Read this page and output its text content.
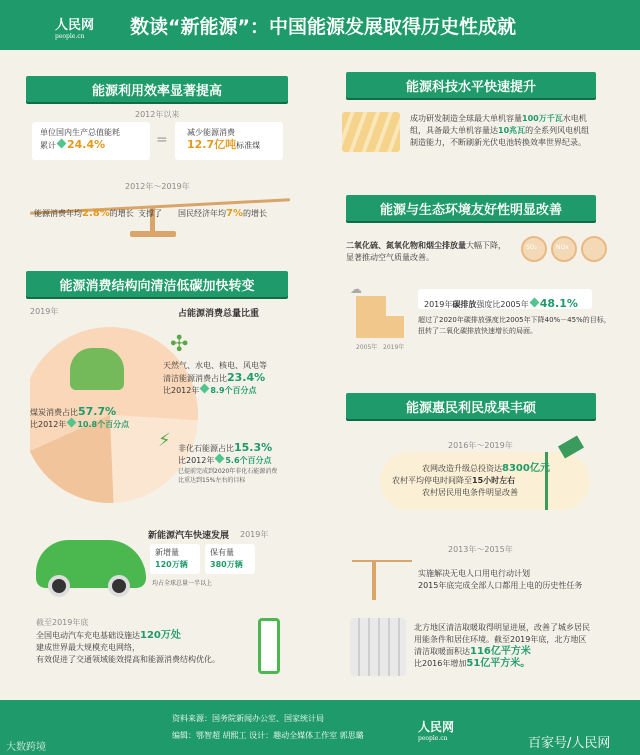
人民网
people.cn	数读“新能源”：中国能源发展取得历史性成就
能源利用效率显著提高
2012年以来
单位国内生产总值能耗
累计 24.4%	= 减少能源消费
12.7亿吨标准煤
2012年～2019年
能源消费年均2.8%的增长 支撑了 国民经济年均7%的增长
能源消费结构向清洁低碳加快转变
2019年	占能源消费总量比重
✣
⚡
天然气、水电、核电、风电等
清洁能源消费占比23.4%
比2012年 8.9个百分点
煤炭消费占比57.7%
比2012年 10.8个百分点
非化石能源占比15.3%
比2012年 5.6个百分点
已提前完成到2020年非化石能源消费
比重达到15%左右的目标
新能源汽车快速发展 2019年
新增量
120万辆
保有量
380万辆
均占全球总量一半以上
截至2019年底
全国电动汽车充电基础设施达120万处
建成世界最大规模充电网络，
有效促进了交通领域能效提高和能源消费结构优化。
能源科技水平快速提升
成功研发制造全球最大单机容量100万千瓦水电机
组，具备最大单机容量达10兆瓦的全系列风电机组
制造能力，不断刷新光伏电池转换效率世界纪录。
能源与生态环境友好性明显改善
二氧化硫、氮氧化物和烟尘排放量大幅下降，
显著推动空气质量改善。
SO₂	NOx
☁
2005年 2019年
2019年碳排放强度比2005年 48.1%
超过了2020年碳排放强度比2005年下降40%－45%的目标，
扭转了二氧化碳排放快速增长的局面。
能源惠民利民成果丰硕
2016年～2019年
农网改造升级总投资达8300亿元
农村平均停电时间降至15小时左右
农村居民用电条件明显改善
2013年～2015年
实施解决无电人口用电行动计划
2015年底完成全部人口都用上电的历史性任务
北方地区清洁取暖取得明显进展，改善了城乡居民
用能条件和居住环境。截至2019年底，北方地区
清洁取暖面积达116亿平方米
比2016年增加51亿平方米。
资料来源：国务院新闻办公室、国家统计局
编辑：鄂智超 胡熙工 设计：趣动全媒体工作室 郭思璐
人民网
people.cn
大数跨境	百家号/人民网
